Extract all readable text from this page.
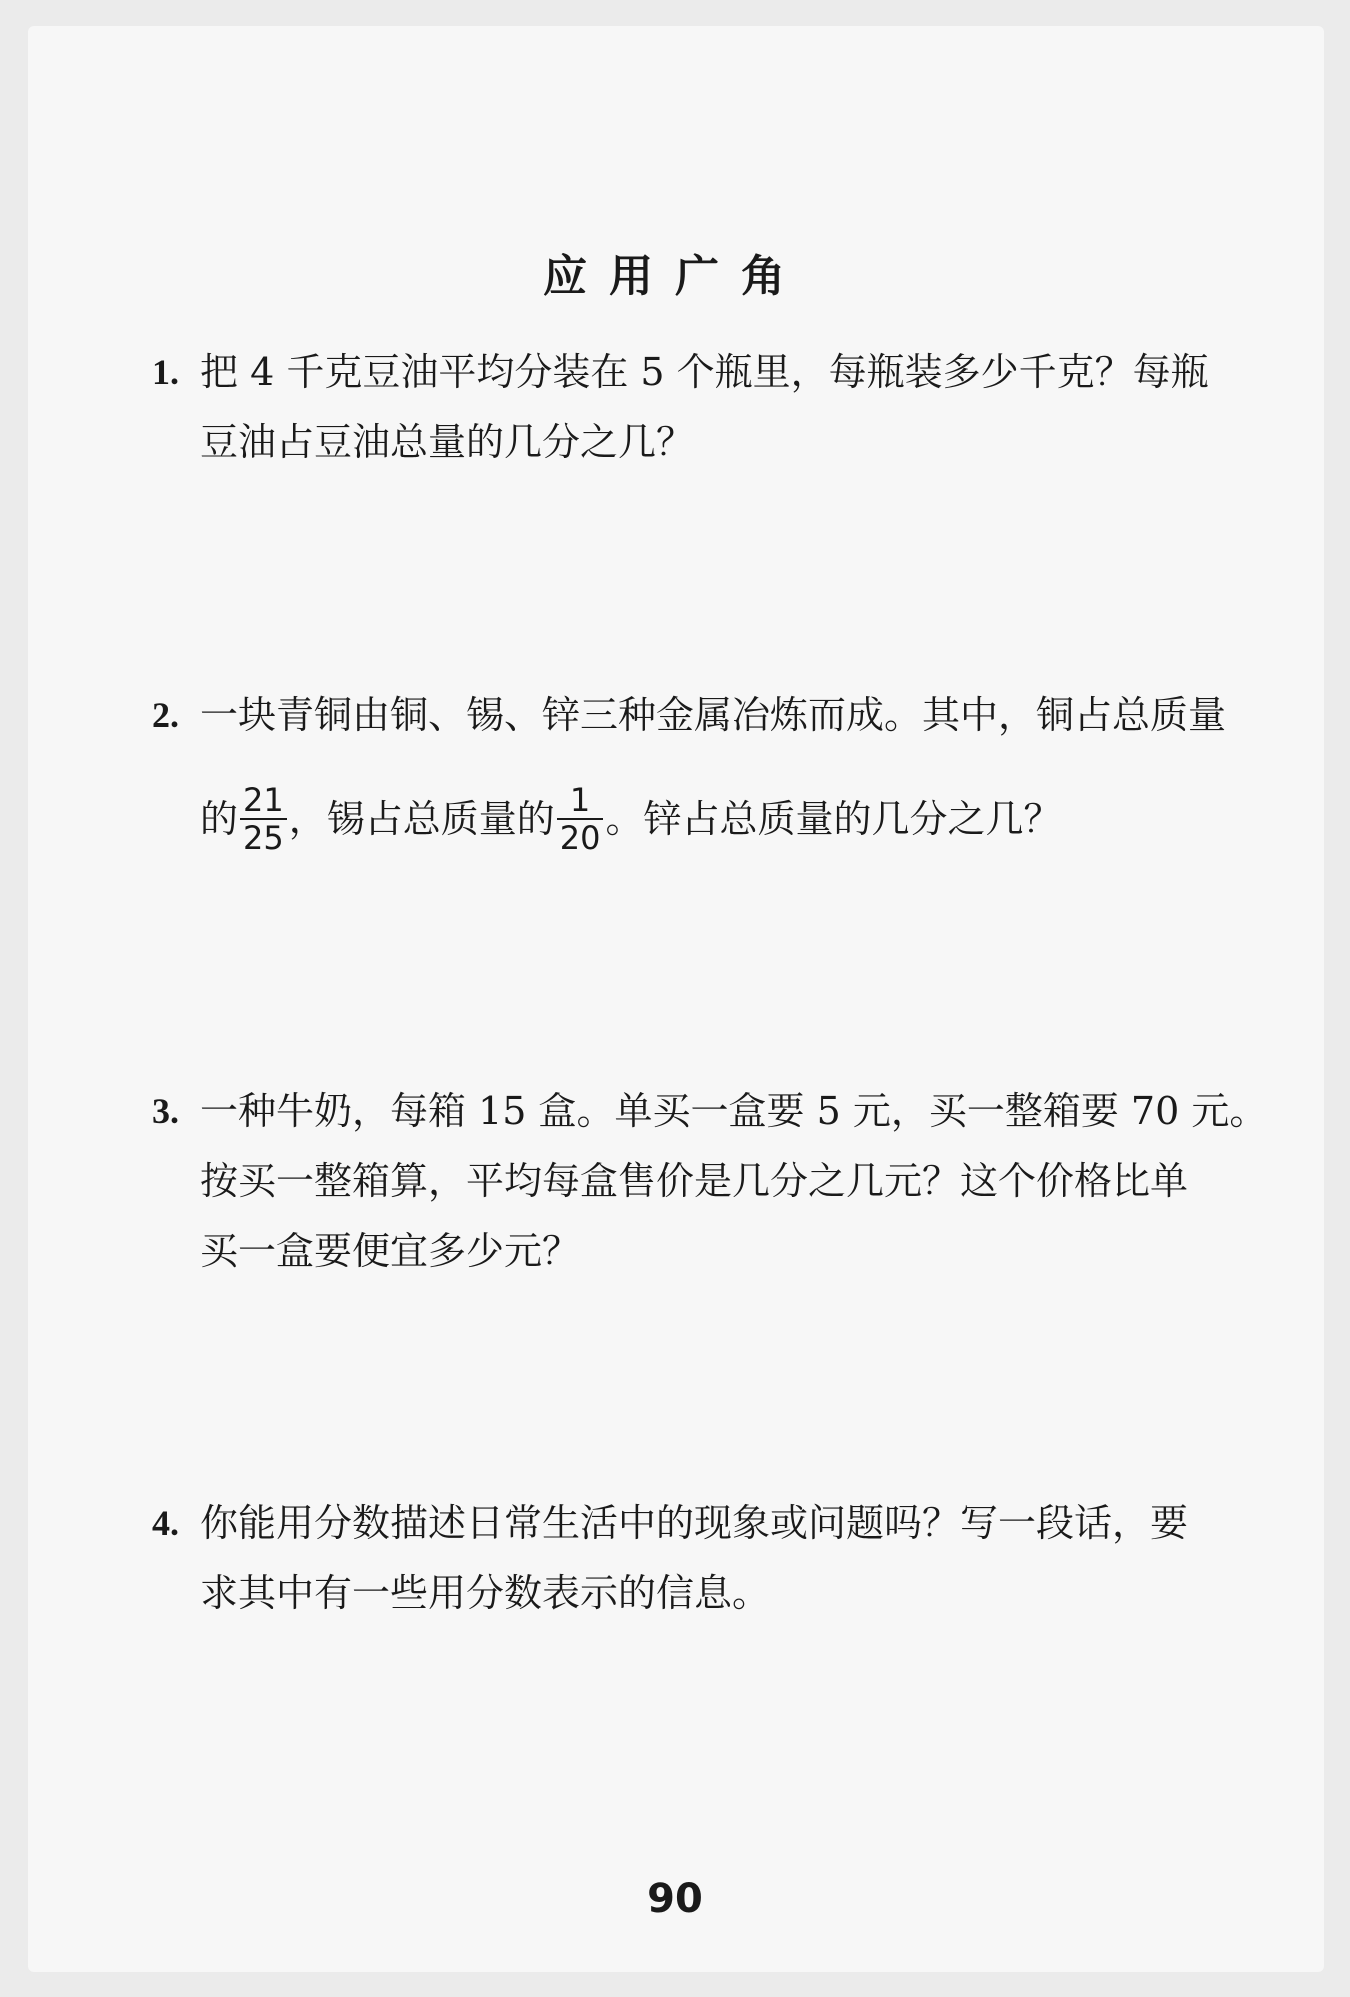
应用广角
1. 把 4 千克豆油平均分装在 5 个瓶里，每瓶装多少千克？每瓶
豆油占豆油总量的几分之几？
2. 一块青铜由铜、锡、锌三种金属冶炼而成。其中，铜占总质量
的 $\frac{21}{25}$ ，锡占总质量的 $\frac{1}{20}$ 。锌占总质量的几分之几？
3. 一种牛奶，每箱 15 盒。单买一盒要 5 元，买一整箱要 70 元。
按买一整箱算，平均每盒售价是几分之几元？这个价格比单
买一盒要便宜多少元？
4. 你能用分数描述日常生活中的现象或问题吗？写一段话，要
求其中有一些用分数表示的信息。
90
